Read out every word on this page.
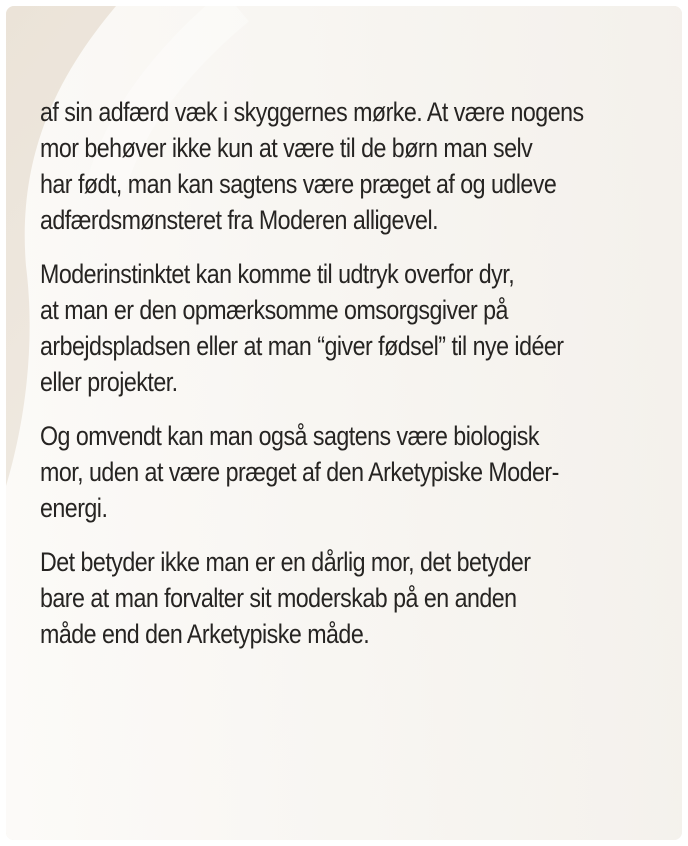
af sin adfærd væk i skyggernes mørke. At være nogens
mor behøver ikke kun at være til de børn man selv
har født, man kan sagtens være præget af og udleve
adfærdsmønsteret fra Moderen alligevel.

Moderinstinktet kan komme til udtryk overfor dyr,
at man er den opmærksomme omsorgsgiver på
arbejdspladsen eller at man “giver fødsel” til nye idéer
eller projekter.

Og omvendt kan man også sagtens være biologisk
mor, uden at være præget af den Arketypiske Moder-
energi.

Det betyder ikke man er en dårlig mor, det betyder
bare at man forvalter sit moderskab på en anden
måde end den Arketypiske måde.
